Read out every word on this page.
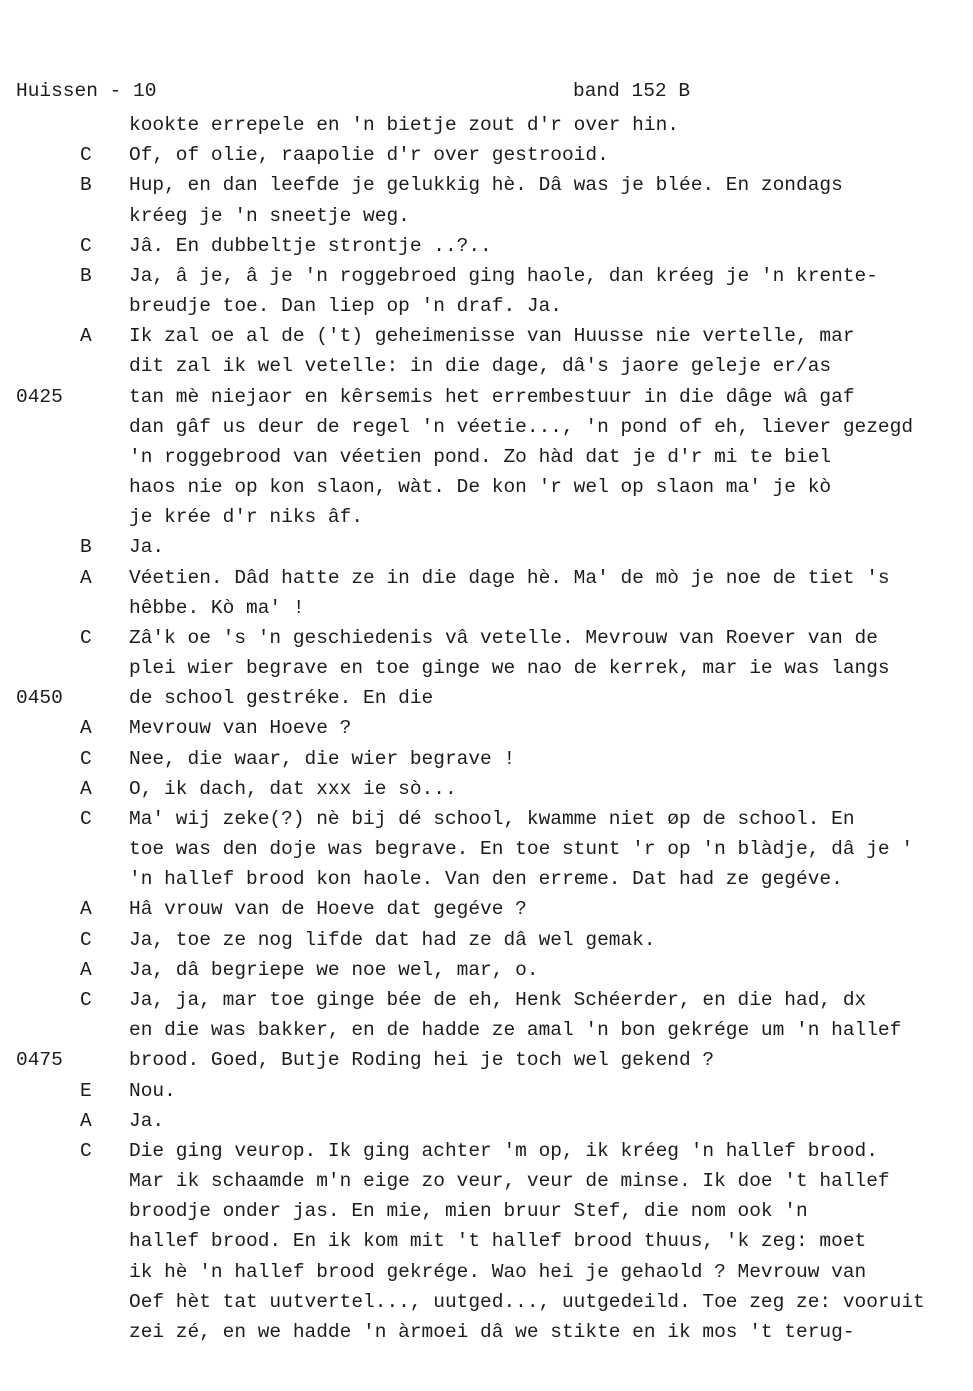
Huissen - 10	band 152 B
kookte errepele en 'n bietje zout d'r over hin.
C Of, of olie, raapolie d'r over gestrooid.
B Hup, en dan leefde je gelukkig hè. Dâ was je blée. En zondags
kréeg je 'n sneetje weg.
C Jâ. En dubbeltje strontje ..?..
B Ja, â je, â je 'n roggebroed ging haole, dan kréeg je 'n krente-
breudje toe. Dan liep op 'n draf. Ja.
A Ik zal oe al de ('t) geheimenisse van Huusse nie vertelle, mar
dit zal ik wel vetelle: in die dage, dâ's jaore geleje er/as
0425	tan mè niejaor en kêrsemis het errembestuur in die dâge wâ gaf
dan gâf us deur de regel 'n véetie..., 'n pond of eh, liever gezegd
'n roggebrood van véetien pond. Zo hàd dat je d'r mi te biel
haos nie op kon slaon, wàt. De kon 'r wel op slaon ma' je kò
je krée d'r niks âf.
B Ja.
A Véetien. Dâd hatte ze in die dage hè. Ma' de mò je noe de tiet 's
hêbbe. Kò ma' !
C Zâ'k oe 's 'n geschiedenis vâ vetelle. Mevrouw van Roever van de
plei wier begrave en toe ginge we nao de kerrek, mar ie was langs
0450	de school gestréke. En die
A Mevrouw van Hoeve ?
C Nee, die waar, die wier begrave !
A O, ik dach, dat xxx ie sò...
C Ma' wij zeke(?) nè bij dé school, kwamme niet øp de school. En
toe was den doje was begrave. En toe stunt 'r op 'n blàdje, dâ je '
'n hallef brood kon haole. Van den erreme. Dat had ze gegéve.
A Hâ vrouw van de Hoeve dat gegéve ?
C Ja, toe ze nog lifde dat had ze dâ wel gemak.
A Ja, dâ begriepe we noe wel, mar, o.
C Ja, ja, mar toe ginge bée de eh, Henk Schéerder, en die had, dx
en die was bakker, en de hadde ze amal 'n bon gekrége um 'n hallef
0475	brood. Goed, Butje Roding hei je toch wel gekend ?
E Nou.
A Ja.
C Die ging veurop. Ik ging achter 'm op, ik kréeg 'n hallef brood.
Mar ik schaamde m'n eige zo veur, veur de minse. Ik doe 't hallef
broodje onder jas. En mie, mien bruur Stef, die nom ook 'n
hallef brood. En ik kom mit 't hallef brood thuus, 'k zeg: moet
ik hè 'n hallef brood gekrége. Wao hei je gehaold ? Mevrouw van
Oef hèt tat uutvertel..., uutged..., uutgedeild. Toe zeg ze: vooruit
zei zé, en we hadde 'n àrmoei dâ we stikte en ik mos 't terug-
